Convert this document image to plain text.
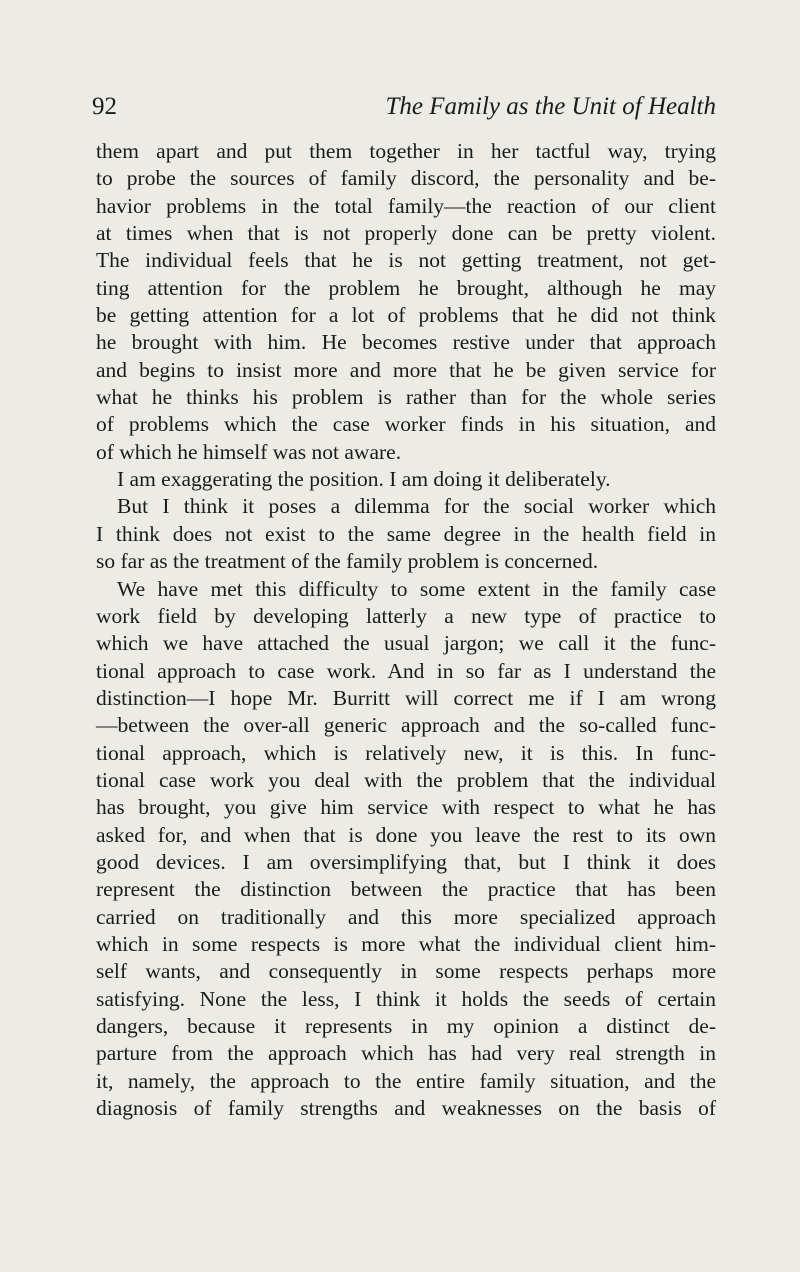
92	The Family as the Unit of Health
them apart and put them together in her tactful way, trying
to probe the sources of family discord, the personality and be-
havior problems in the total family—the reaction of our client
at times when that is not properly done can be pretty violent.
The individual feels that he is not getting treatment, not get-
ting attention for the problem he brought, although he may
be getting attention for a lot of problems that he did not think
he brought with him. He becomes restive under that approach
and begins to insist more and more that he be given service for
what he thinks his problem is rather than for the whole series
of problems which the case worker finds in his situation, and
of which he himself was not aware.
I am exaggerating the position. I am doing it deliberately.
But I think it poses a dilemma for the social worker which
I think does not exist to the same degree in the health field in
so far as the treatment of the family problem is concerned.
We have met this difficulty to some extent in the family case
work field by developing latterly a new type of practice to
which we have attached the usual jargon; we call it the func-
tional approach to case work. And in so far as I understand the
distinction—I hope Mr. Burritt will correct me if I am wrong
—between the over-all generic approach and the so-called func-
tional approach, which is relatively new, it is this. In func-
tional case work you deal with the problem that the individual
has brought, you give him service with respect to what he has
asked for, and when that is done you leave the rest to its own
good devices. I am oversimplifying that, but I think it does
represent the distinction between the practice that has been
carried on traditionally and this more specialized approach
which in some respects is more what the individual client him-
self wants, and consequently in some respects perhaps more
satisfying. None the less, I think it holds the seeds of certain
dangers, because it represents in my opinion a distinct de-
parture from the approach which has had very real strength in
it, namely, the approach to the entire family situation, and the
diagnosis of family strengths and weaknesses on the basis of
